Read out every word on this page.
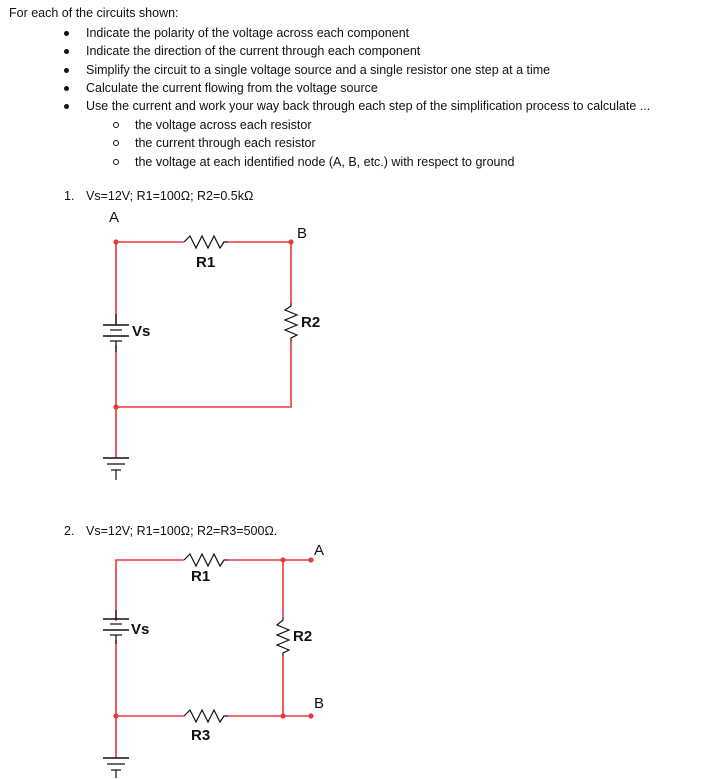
For each of the circuits shown:
Indicate the polarity of the voltage across each component
Indicate the direction of the current through each component
Simplify the circuit to a single voltage source and a single resistor one step at a time
Calculate the current flowing from the voltage source
Use the current and work your way back through each step of the simplification process to calculate ...
the voltage across each resistor
the current through each resistor
the voltage at each identified node (A, B, etc.) with respect to ground
1. Vs=12V; R1=100Ω; R2=0.5kΩ
A
B
R1
R2
Vs
2. Vs=12V; R1=100Ω; R2=R3=500Ω.
A
R1
Vs	R2
B
R3
